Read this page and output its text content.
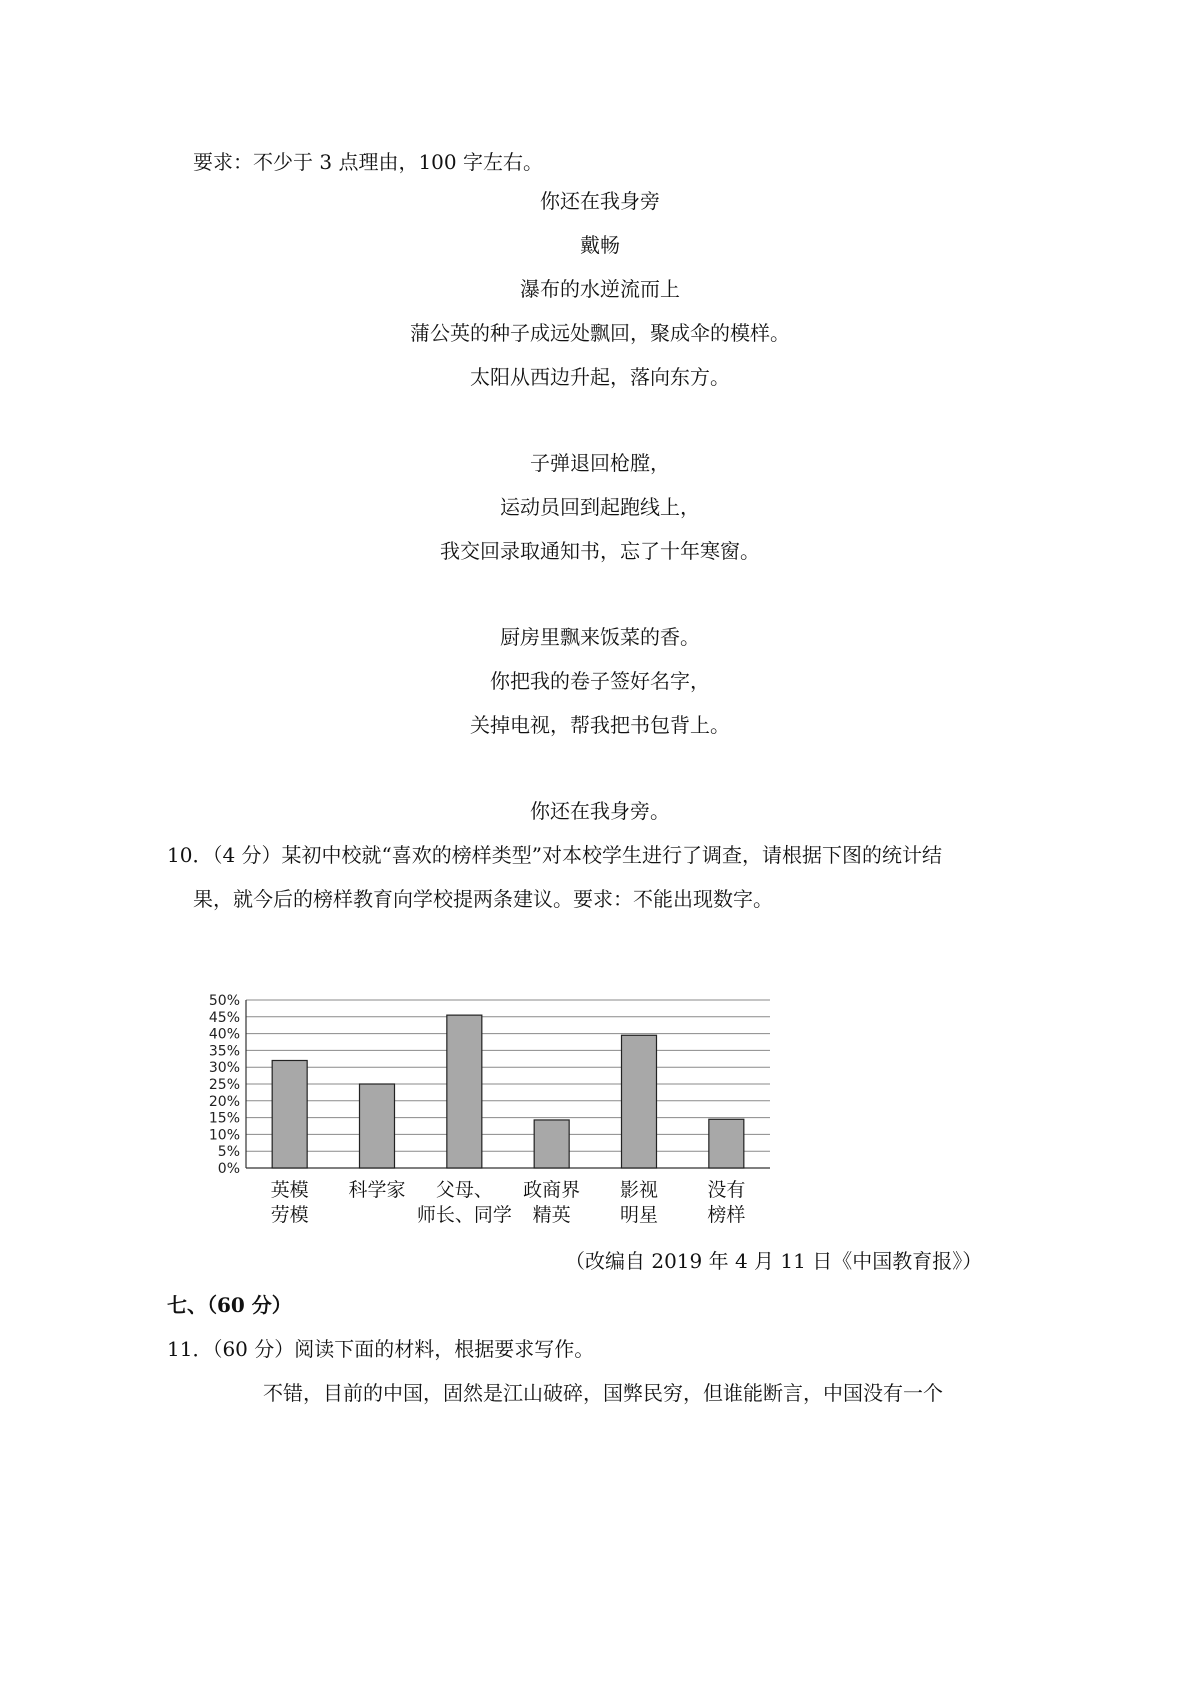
要求：不少于 3 点理由，100 字左右。
你还在我身旁
戴畅
瀑布的水逆流而上
蒲公英的种子成远处飘回，聚成伞的模样。
太阳从西边升起，落向东方。
子弹退回枪膛，
运动员回到起跑线上，
我交回录取通知书，忘了十年寒窗。
厨房里飘来饭菜的香。
你把我的卷子签好名字，
关掉电视，帮我把书包背上。
你还在我身旁。
10．（4 分）某初中校就“喜欢的榜样类型”对本校学生进行了调查，请根据下图的统计结
果，就今后的榜样教育向学校提两条建议。要求：不能出现数字。
0%
5%
10%
15%
20%
25%
30%
35%
40%
45%
50%
英模
劳模
科学家 父母、
师长、同学
政商界
精英
影视
明星
没有
榜样
（改编自 2019 年 4 月 11 日《中国教育报》）
七、（60 分）
11．（60 分）阅读下面的材料，根据要求写作。
不错，目前的中国，固然是江山破碎，国弊民穷，但谁能断言，中国没有一个
